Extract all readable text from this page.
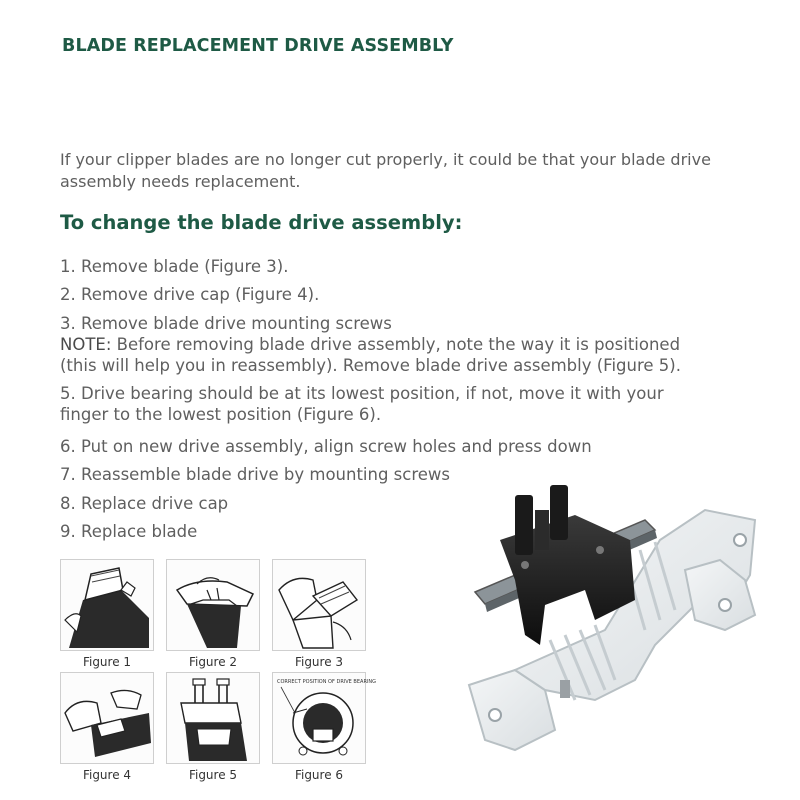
BLADE REPLACEMENT DRIVE ASSEMBLY

If your clipper blades are no longer cut properly, it could be that your blade drive assembly needs replacement.

To change the blade drive assembly:

1. Remove blade (Figure 3).

2. Remove drive cap (Figure 4).

3. Remove blade drive mounting screws

NOTE: Before removing blade drive assembly, note the way it is positioned

(this will help you in reassembly). Remove blade drive assembly (Figure 5).

5. Drive bearing should be at its lowest position, if not, move it with your

finger to the lowest position (Figure 6).

6. Put on new drive assembly, align screw holes and press down

7. Reassemble blade drive by mounting screws

8. Replace drive cap

9. Replace blade

Figure 1	Figure 2	Figure 3
Figure 4	Figure 5
CORRECT POSITION OF DRIVE BEARING
Figure 6
